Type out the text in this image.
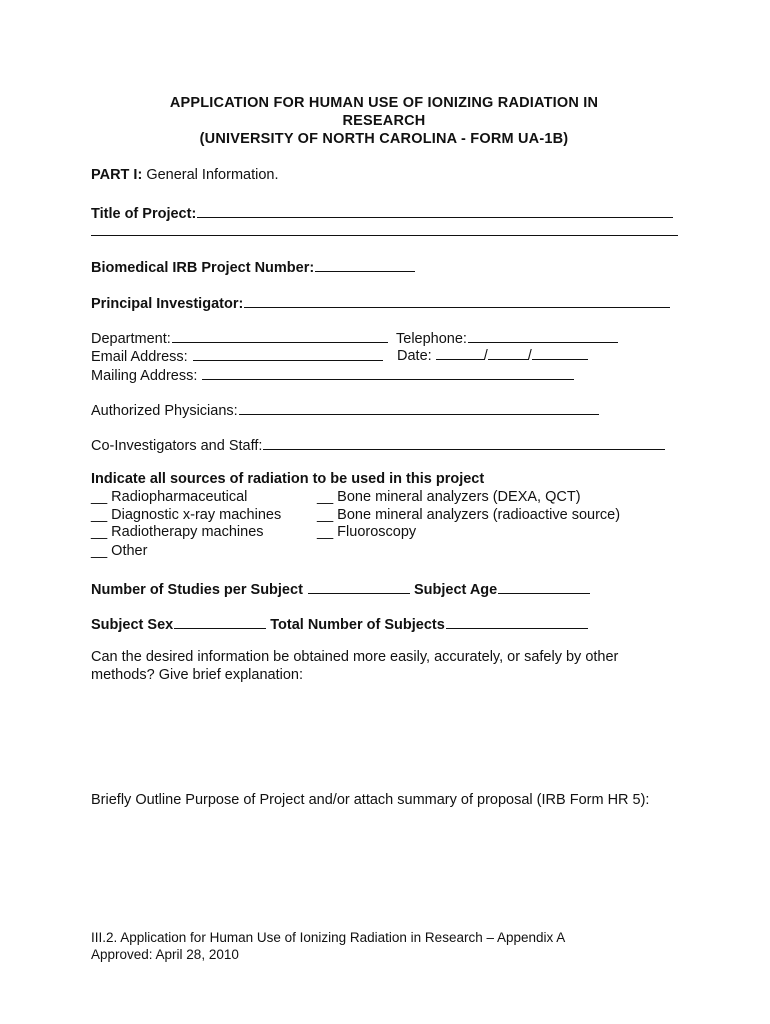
APPLICATION FOR HUMAN USE OF IONIZING RADIATION IN
RESEARCH
(UNIVERSITY OF NORTH CAROLINA - FORM UA-1B)
PART I: General Information.
Title of Project:
Biomedical IRB Project Number:
Principal Investigator:
Department:	Telephone:
Email Address:	Date:	/	/
Mailing Address:
Authorized Physicians:
Co-Investigators and Staff:
Indicate all sources of radiation to be used in this project
__ Radiopharmaceutical
__ Diagnostic x-ray machines
__ Radiotherapy machines
__ Other
__ Bone mineral analyzers (DEXA, QCT)
__ Bone mineral analyzers (radioactive source)
__ Fluoroscopy
Number of Studies per Subject	Subject Age
Subject Sex	Total Number of Subjects
Can the desired information be obtained more easily, accurately, or safely by other
methods? Give brief explanation:
Briefly Outline Purpose of Project and/or attach summary of proposal (IRB Form HR 5):
III.2. Application for Human Use of Ionizing Radiation in Research – Appendix A
Approved: April 28, 2010
